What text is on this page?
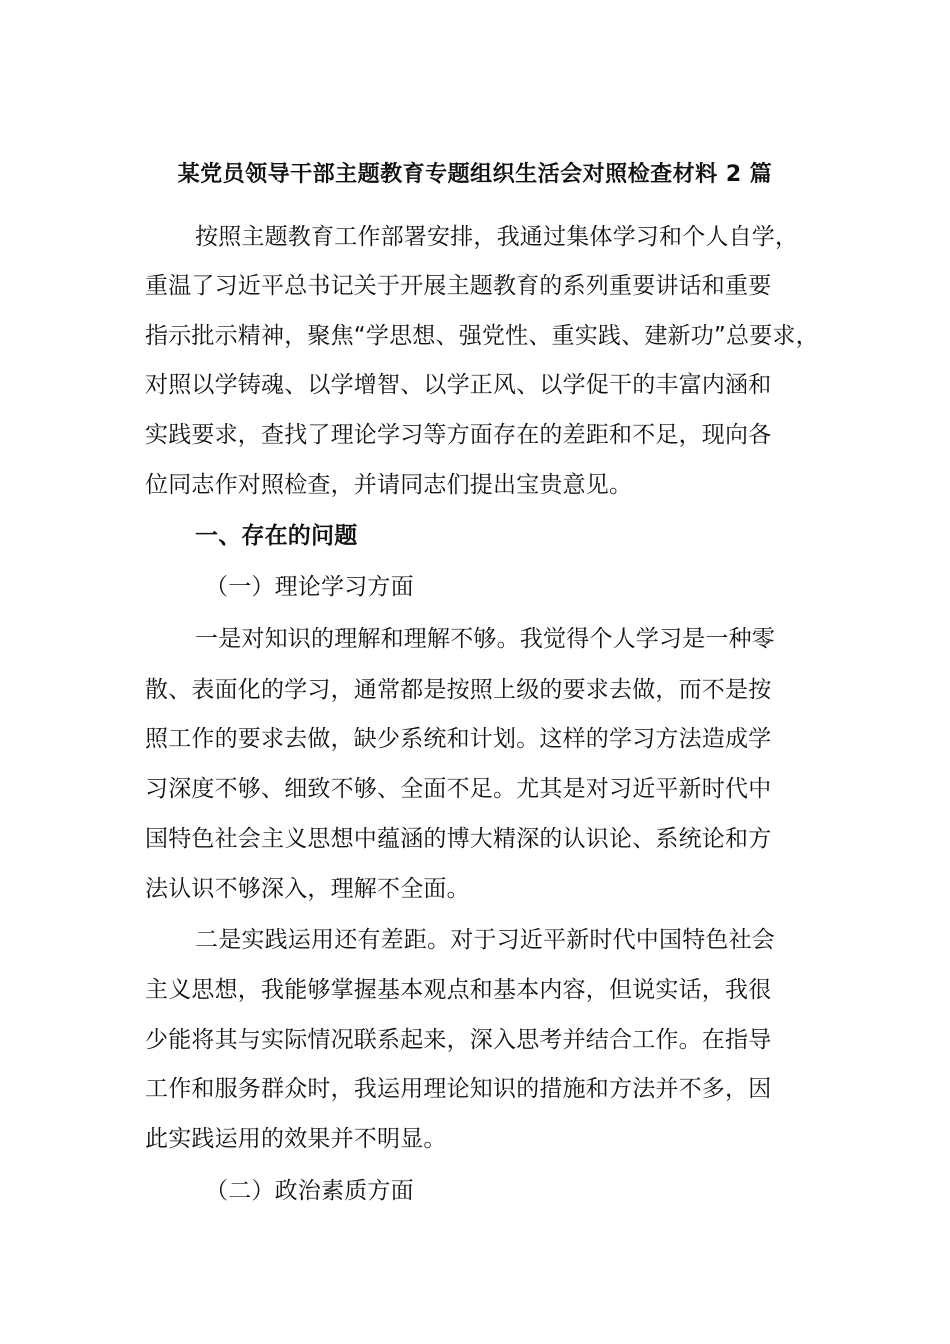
某党员领导干部主题教育专题组织生活会对照检查材料 2 篇
按照主题教育工作部署安排，我通过集体学习和个人自学，
重温了习近平总书记关于开展主题教育的系列重要讲话和重要
指示批示精神，聚焦“学思想、强党性、重实践、建新功”总要求，
对照以学铸魂、以学增智、以学正风、以学促干的丰富内涵和
实践要求，查找了理论学习等方面存在的差距和不足，现向各
位同志作对照检查，并请同志们提出宝贵意见。
一、存在的问题
（一）理论学习方面
一是对知识的理解和理解不够。我觉得个人学习是一种零
散、表面化的学习，通常都是按照上级的要求去做，而不是按
照工作的要求去做，缺少系统和计划。这样的学习方法造成学
习深度不够、细致不够、全面不足。尤其是对习近平新时代中
国特色社会主义思想中蕴涵的博大精深的认识论、系统论和方
法认识不够深入，理解不全面。
二是实践运用还有差距。对于习近平新时代中国特色社会
主义思想，我能够掌握基本观点和基本内容，但说实话，我很
少能将其与实际情况联系起来，深入思考并结合工作。在指导
工作和服务群众时，我运用理论知识的措施和方法并不多，因
此实践运用的效果并不明显。
（二）政治素质方面
